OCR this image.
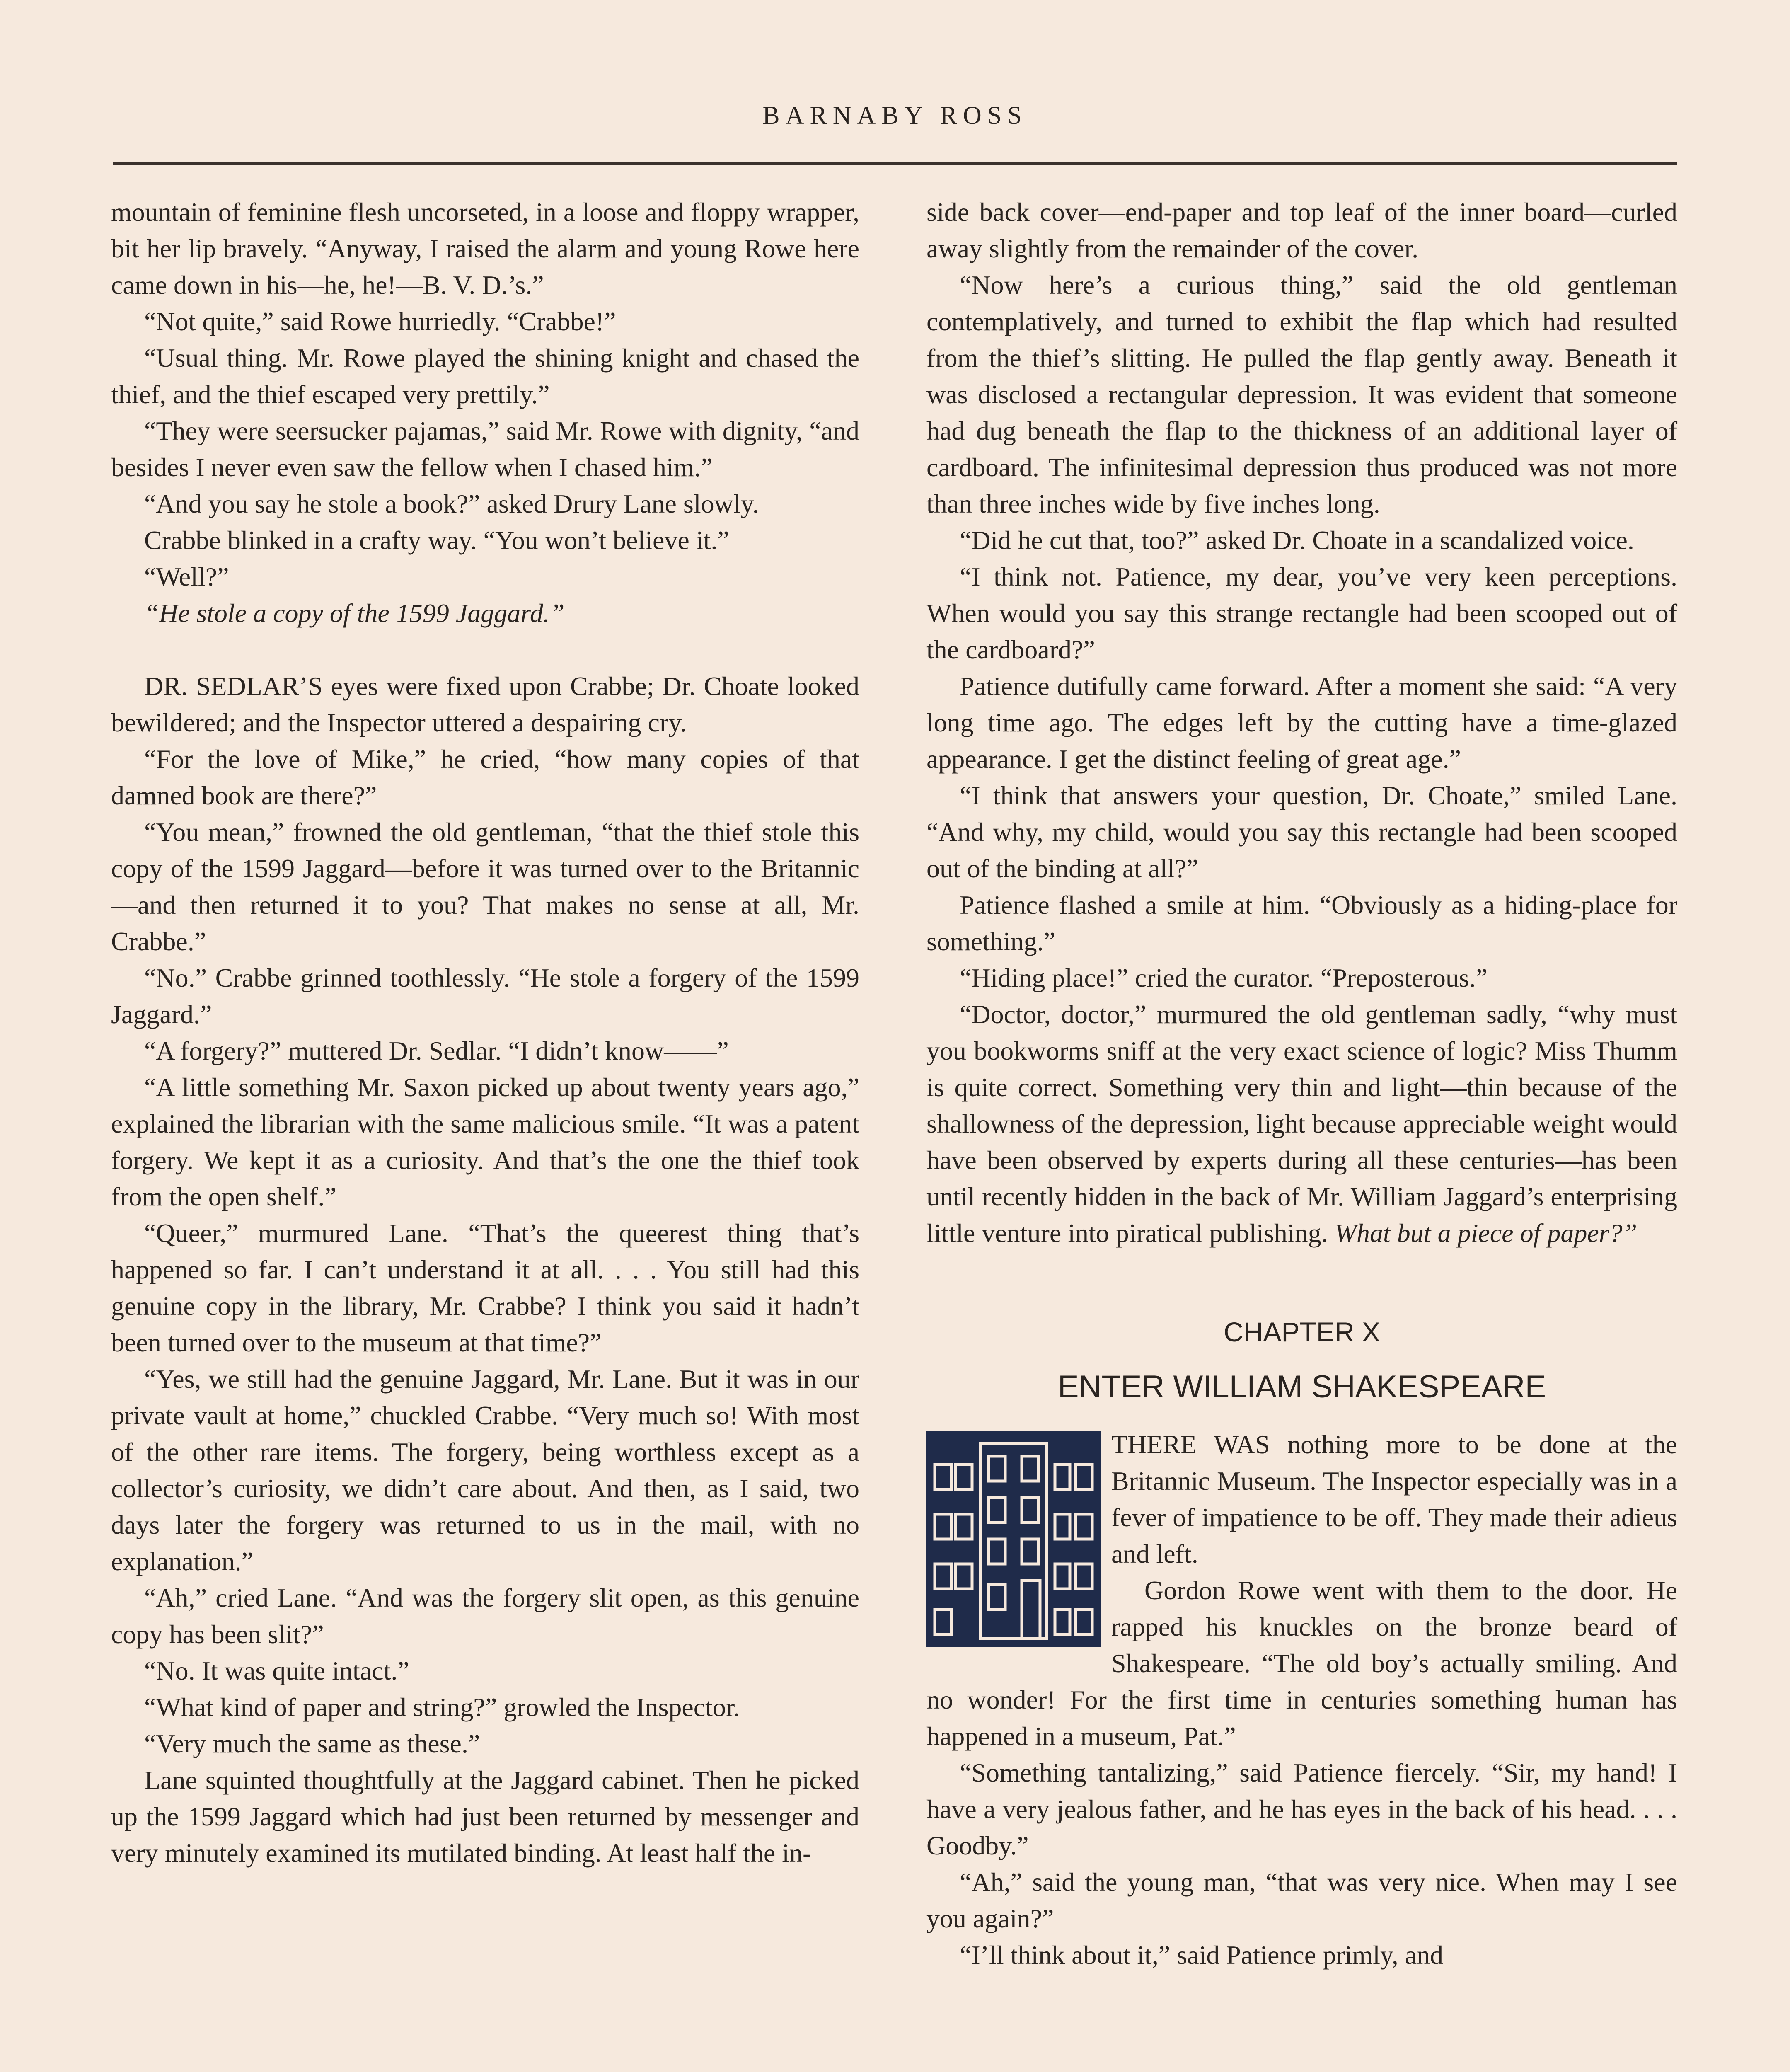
BARNABY ROSS

mountain of feminine flesh uncorseted, in a loose and floppy wrapper, bit her lip bravely. “Anyway, I raised the alarm and young Rowe here came down in his—he, he!—B. V. D.’s.”

“Not quite,” said Rowe hurriedly. “Crabbe!”

“Usual thing. Mr. Rowe played the shining knight and chased the thief, and the thief escaped very prettily.”

“They were seersucker pajamas,” said Mr. Rowe with dignity, “and besides I never even saw the fellow when I chased him.”

“And you say he stole a book?” asked Drury Lane slowly.

Crabbe blinked in a crafty way. “You won’t believe it.”

“Well?”

“He stole a copy of the 1599 Jaggard.”

DR. SEDLAR’S eyes were fixed upon Crabbe; Dr. Choate looked bewildered; and the Inspector uttered a despairing cry.

“For the love of Mike,” he cried, “how many copies of that damned book are there?”

“You mean,” frowned the old gentleman, “that the thief stole this copy of the 1599 Jaggard—before it was turned over to the Britannic—and then returned it to you? That makes no sense at all, Mr. Crabbe.”

“No.” Crabbe grinned toothlessly. “He stole a forgery of the 1599 Jaggard.”

“A forgery?” muttered Dr. Sedlar. “I didn’t know——”

“A little something Mr. Saxon picked up about twenty years ago,” explained the librarian with the same malicious smile. “It was a patent forgery. We kept it as a curiosity. And that’s the one the thief took from the open shelf.”

“Queer,” murmured Lane. “That’s the queerest thing that’s happened so far. I can’t understand it at all. . . . You still had this genuine copy in the library, Mr. Crabbe? I think you said it hadn’t been turned over to the museum at that time?”

“Yes, we still had the genuine Jaggard, Mr. Lane. But it was in our private vault at home,” chuckled Crabbe. “Very much so! With most of the other rare items. The forgery, being worthless except as a collector’s curiosity, we didn’t care about. And then, as I said, two days later the forgery was returned to us in the mail, with no explanation.”

“Ah,” cried Lane. “And was the forgery slit open, as this genuine copy has been slit?”

“No. It was quite intact.”

“What kind of paper and string?” growled the Inspector.

“Very much the same as these.”

Lane squinted thoughtfully at the Jaggard cabinet. Then he picked up the 1599 Jaggard which had just been returned by messenger and very minutely examined its mutilated binding. At least half the in-

side back cover—end-paper and top leaf of the inner board—curled away slightly from the remainder of the cover.

“Now here’s a curious thing,” said the old gentleman contemplatively, and turned to exhibit the flap which had resulted from the thief’s slitting. He pulled the flap gently away. Beneath it was disclosed a rectangular depression. It was evident that someone had dug beneath the flap to the thickness of an additional layer of cardboard. The infinitesimal depression thus produced was not more than three inches wide by five inches long.

“Did he cut that, too?” asked Dr. Choate in a scandalized voice.

“I think not. Patience, my dear, you’ve very keen perceptions. When would you say this strange rectangle had been scooped out of the cardboard?”

Patience dutifully came forward. After a moment she said: “A very long time ago. The edges left by the cutting have a time-glazed appearance. I get the distinct feeling of great age.”

“I think that answers your question, Dr. Choate,” smiled Lane. “And why, my child, would you say this rectangle had been scooped out of the binding at all?”

Patience flashed a smile at him. “Obviously as a hiding-place for something.”

“Hiding place!” cried the curator. “Preposterous.”

“Doctor, doctor,” murmured the old gentleman sadly, “why must you bookworms sniff at the very exact science of logic? Miss Thumm is quite correct. Something very thin and light—thin because of the shallowness of the depression, light because appreciable weight would have been observed by experts during all these centuries—has been until recently hidden in the back of Mr. William Jaggard’s enterprising little venture into piratical publishing. What but a piece of paper?”

CHAPTER X
ENTER WILLIAM SHAKESPEARE

THERE WAS nothing more to be done at the Britannic Museum. The Inspector especially was in a fever of impatience to be off. They made their adieus and left.

Gordon Rowe went with them to the door. He rapped his knuckles on the bronze beard of Shakespeare. “The old boy’s actually smiling. And no wonder! For the first time in centuries something human has happened in a museum, Pat.”

“Something tantalizing,” said Patience fiercely. “Sir, my hand! I have a very jealous father, and he has eyes in the back of his head. . . . Goodby.”

“Ah,” said the young man, “that was very nice. When may I see you again?”

“I’ll think about it,” said Patience primly, and
